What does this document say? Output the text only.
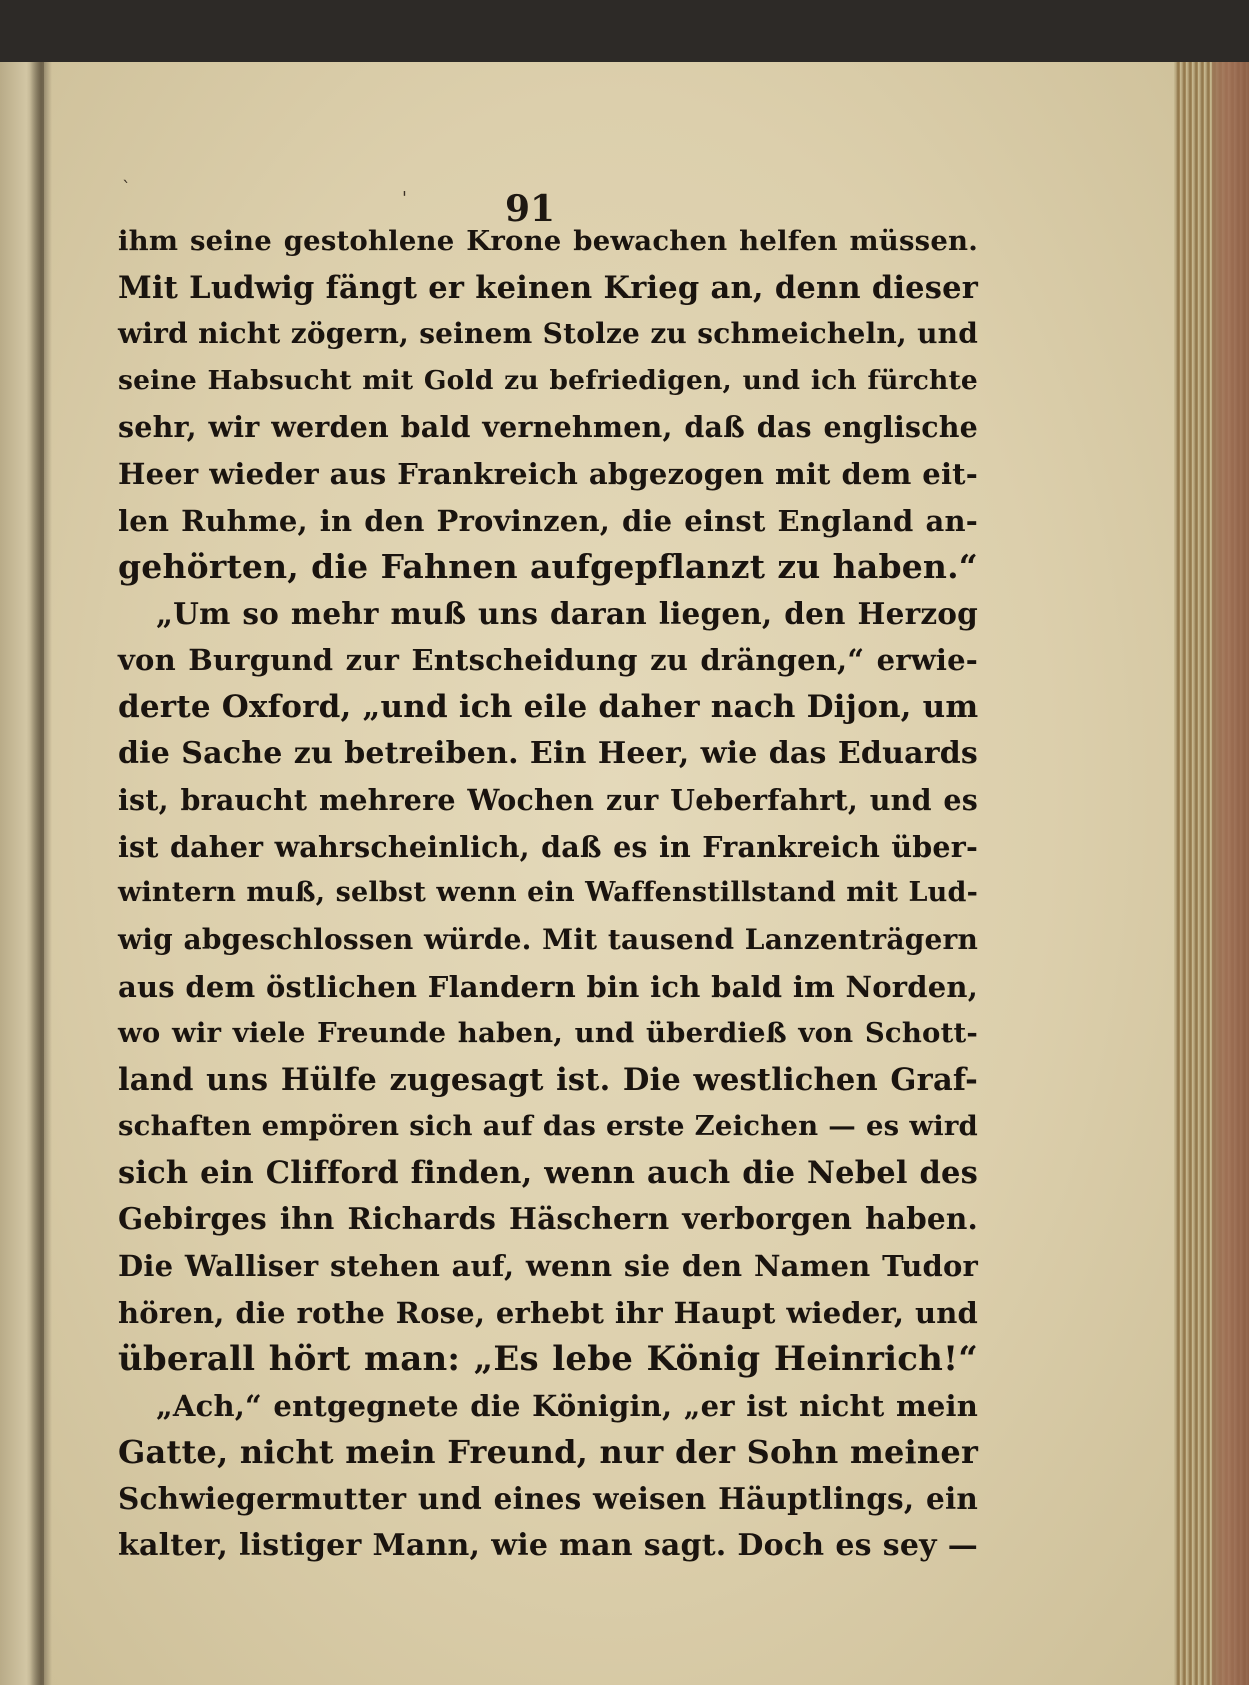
`	'	91
ihm seine gestohlene Krone bewachen helfen müssen.
Mit Ludwig fängt er keinen Krieg an, denn dieser
wird nicht zögern, seinem Stolze zu schmeicheln, und
seine Habsucht mit Gold zu befriedigen, und ich fürchte
sehr, wir werden bald vernehmen, daß das englische
Heer wieder aus Frankreich abgezogen mit dem eit-
len Ruhme, in den Provinzen, die einst England an-
gehörten, die Fahnen aufgepflanzt zu haben.“
„Um so mehr muß uns daran liegen, den Herzog
von Burgund zur Entscheidung zu drängen,“ erwie-
derte Oxford, „und ich eile daher nach Dijon, um
die Sache zu betreiben. Ein Heer, wie das Eduards
ist, braucht mehrere Wochen zur Ueberfahrt, und es
ist daher wahrscheinlich, daß es in Frankreich über-
wintern muß, selbst wenn ein Waffenstillstand mit Lud-
wig abgeschlossen würde. Mit tausend Lanzenträgern
aus dem östlichen Flandern bin ich bald im Norden,
wo wir viele Freunde haben, und überdieß von Schott-
land uns Hülfe zugesagt ist. Die westlichen Graf-
schaften empören sich auf das erste Zeichen — es wird
sich ein Clifford finden, wenn auch die Nebel des
Gebirges ihn Richards Häschern verborgen haben.
Die Walliser stehen auf, wenn sie den Namen Tudor
hören, die rothe Rose, erhebt ihr Haupt wieder, und
überall hört man: „Es lebe König Heinrich!“
„Ach,“ entgegnete die Königin, „er ist nicht mein
Gatte, nicht mein Freund, nur der Sohn meiner
Schwiegermutter und eines weisen Häuptlings, ein
kalter, listiger Mann, wie man sagt. Doch es sey —
